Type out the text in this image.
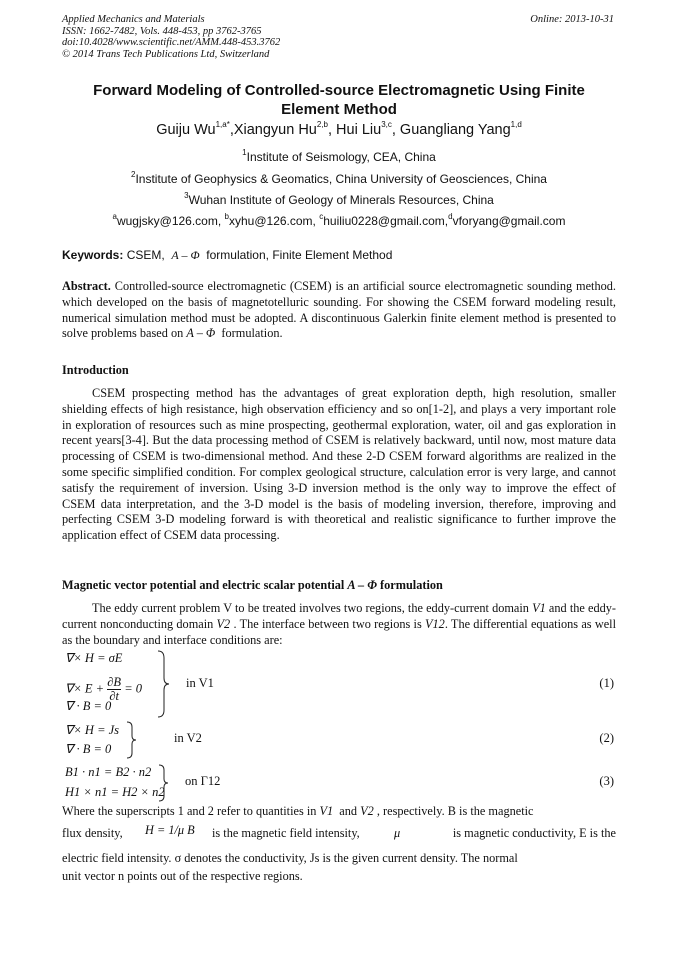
Applied Mechanics and Materials
ISSN: 1662-7482, Vols. 448-453, pp 3762-3765
doi:10.4028/www.scientific.net/AMM.448-453.3762
© 2014 Trans Tech Publications Ltd, Switzerland
Online: 2013-10-31
Forward Modeling of Controlled-source Electromagnetic Using Finite
Element Method
Guiju $Wu^{1,a*},Xiangyun$ Hu$^{2,b}$, Hui Liu$^{3,c}$, Guangliang Yang$^{1,d}$
$^1$Institute of Seismology, CEA, China
$^2$Institute of Geophysics & Geomatics, China University of Geosciences, China
$^3$Wuhan Institute of Geology of Minerals Resources, China
$^a$wugjsky@126.com, $^b$xyhu@126.com, $^c$huiliu0228@gmail.com,$^d$vforyang@gmail.com
Keywords: CSEM,  A – Φ  formulation, Finite Element Method
Abstract. Controlled-source electromagnetic (CSEM) is an artificial source electromagnetic sounding method. which developed on the basis of magnetotelluric sounding. For showing the CSEM forward modeling result, numerical simulation method must be adopted. A discontinuous Galerkin finite element method is presented to solve problems based on A – Φ  formulation.
Introduction
CSEM prospecting method has the advantages of great exploration depth, high resolution, smaller shielding effects of high resistance, high observation efficiency and so on[1-2], and plays a very important role in exploration of resources such as mine prospecting, geothermal exploration, water, oil and gas exploration in recent years[3-4]. But the data processing method of CSEM is relatively backward, until now, most mature data processing of CSEM is two-dimensional method. And these 2-D CSEM forward algorithms are realized in the some specific simplified condition. For complex geological structure, calculation error is very large, and cannot satisfy the requirement of inversion. Using 3-D inversion method is the only way to improve the effect of CSEM data interpretation, and the 3-D model is the basis of modeling inversion, therefore, improving and perfecting CSEM 3-D modeling forward is with theoretical and realistic significance to further improve the application effect of CSEM data processing.
Magnetic vector potential and electric scalar potential A – Φ formulation
The eddy current problem V to be treated involves two regions, the eddy-current domain V1 and the eddy-current nonconducting domain V2 . The interface between two regions is V12. The differential equations as well as the boundary and interface conditions are:
∇× H = σE
∇× $E + \frac{\partial B}{\partial t} = 0$
∇ · B = 0
in V1	(1)
∇× H = Js
∇ · B = 0
in V2	(2)
B1 · n1 = B2 · n2
H1 × n1 = H2 × n2
on Γ12	(3)
Where the superscripts 1 and 2 refer to quantities in V1  and V2 , respectively. B is the magnetic
flux density, H = 1/μ B is the magnetic field intensity,	μ	is magnetic conductivity, E is the
electric field intensity. σ denotes the conductivity, Js is the given current density. The normal
unit vector n points out of the respective regions.
